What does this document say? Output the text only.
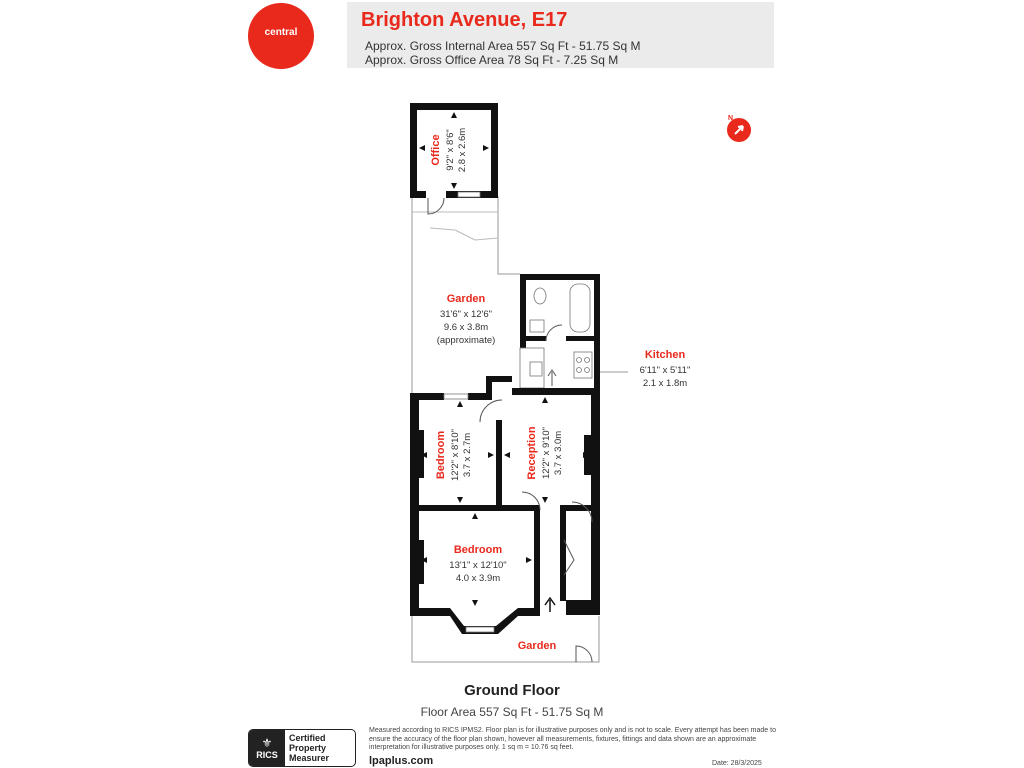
central
Brighton Avenue, E17
Approx. Gross Internal Area 557 Sq Ft - 51.75 Sq M
Approx. Gross Office Area 78 Sq Ft - 7.25 Sq M
Office 9'2" x 8'6" 2.8 x 2.6m
Garden
31'6" x 12'6"
9.6 x 3.8m
(approximate)
Kitchen
6'11" x 5'11"
2.1 x 1.8m
Bedroom 12'2" x 8'10" 3.7 x 2.7m	Reception 12'2" x 9'10" 3.7 x 3.0m
Bedroom
13'1" x 12'10"
4.0 x 3.9m
Garden
N
Ground Floor
Floor Area 557 Sq Ft - 51.75 Sq M
⚜
RICS
Certified
Property
Measurer
Measured according to RICS IPMS2. Floor plan is for illustrative purposes only and is not to scale. Every attempt has been made to ensure the accuracy of the floor plan shown, however all measurements, fixtures, fittings and data shown are an approximate interpretation for illustrative purposes only. 1 sq m = 10.76 sq feet.
lpaplus.com	Date: 28/3/2025
